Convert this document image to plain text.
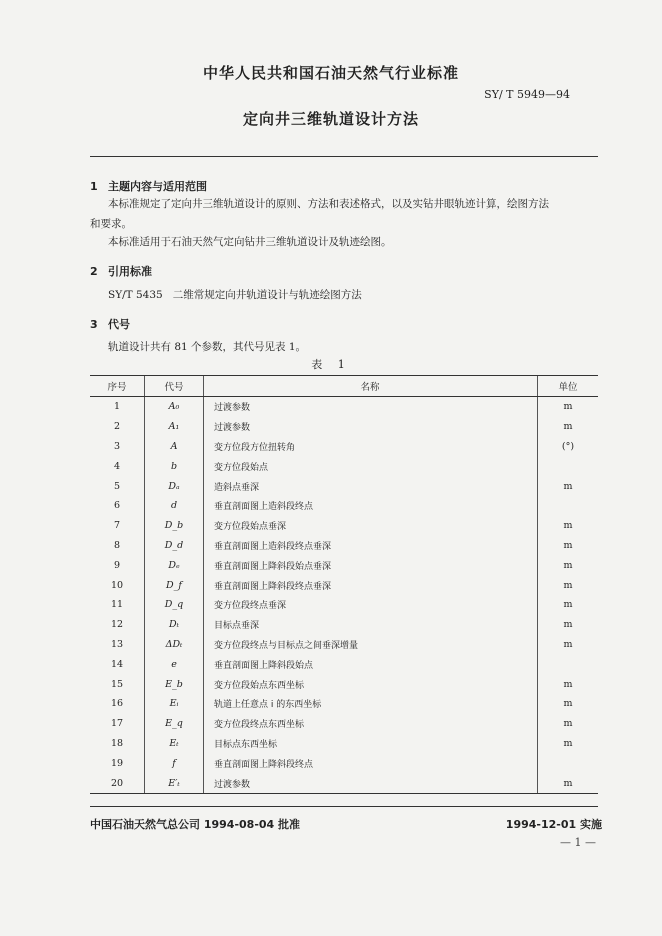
中华人民共和国石油天然气行业标准
SY/ T 5949—94
定向井三维轨道设计方法
1 主题内容与适用范围
本标准规定了定向井三维轨道设计的原则、方法和表述格式，以及实钻井眼轨迹计算，绘图方法
和要求。
本标准适用于石油天然气定向钻井三维轨道设计及轨迹绘图。
2 引用标准
SY/T 5435   二维常规定向井轨道设计与轨迹绘图方法
3 代号
轨道设计共有 81 个参数，其代号见表 1。
表 1
序号	代号	名称	单位
1	A₀	过渡参数	m
2	A₁	过渡参数	m
3	A	变方位段方位扭转角	(°)
4	b	变方位段始点	
5	Dₐ	造斜点垂深	m
6	d	垂直剖面图上造斜段终点	
7	D_b	变方位段始点垂深	m
8	D_d	垂直剖面图上造斜段终点垂深	m
9	Dₑ	垂直剖面图上降斜段始点垂深	m
10	D_f	垂直剖面图上降斜段终点垂深	m
11	D_q	变方位段终点垂深	m
12	Dₜ	目标点垂深	m
13	ΔDₜ	变方位段终点与目标点之间垂深增量	m
14	e	垂直剖面图上降斜段始点	
15	E_b	变方位段始点东西坐标	m
16	Eᵢ	轨道上任意点 i 的东西坐标	m
17	E_q	变方位段终点东西坐标	m
18	Eₜ	目标点东西坐标	m
19	f	垂直剖面图上降斜段终点	
20	E′ₜ	过渡参数	m
中国石油天然气总公司 1994-08-04 批准	1994-12-01 实施
— 1 —
